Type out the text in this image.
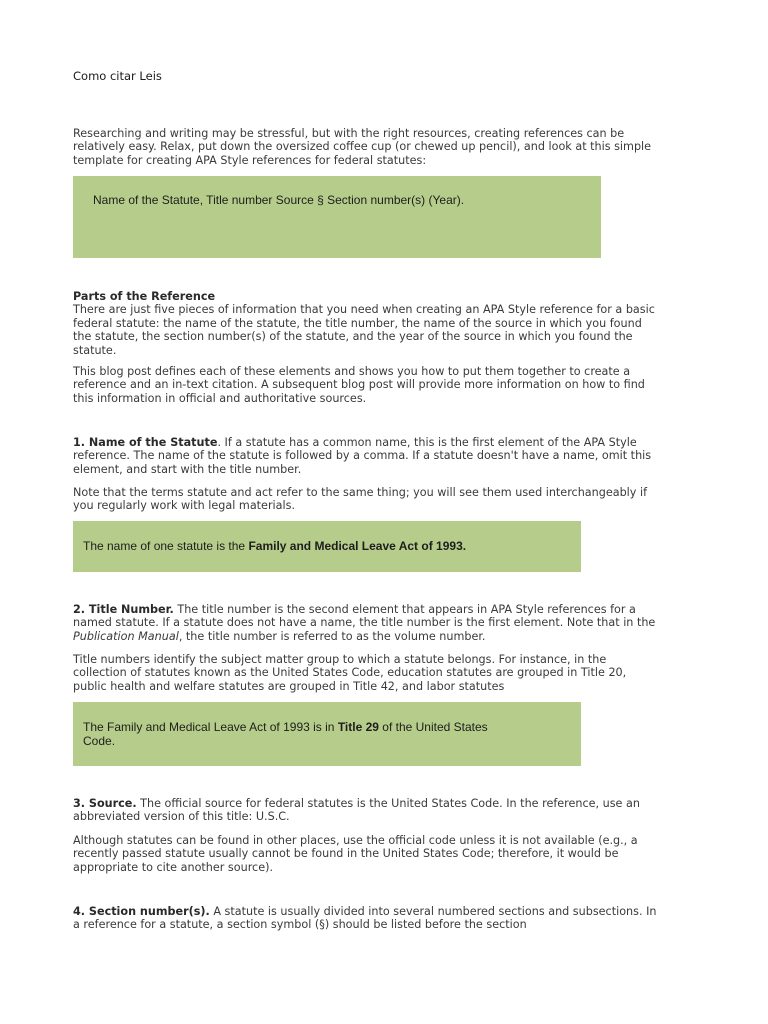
Como citar Leis

Researching and writing may be stressful, but with the right resources, creating references can be relatively easy. Relax, put down the oversized coffee cup (or chewed up pencil), and look at this simple template for creating APA Style references for federal statutes:

Name of the Statute, Title number Source § Section number(s) (Year).

Parts of the Reference
There are just five pieces of information that you need when creating an APA Style reference for a basic federal statute: the name of the statute, the title number, the name of the source in which you found the statute, the section number(s) of the statute, and the year of the source in which you found the statute.

This blog post defines each of these elements and shows you how to put them together to create a reference and an in-text citation. A subsequent blog post will provide more information on how to find this information in official and authoritative sources.

1. Name of the Statute. If a statute has a common name, this is the first element of the APA Style reference. The name of the statute is followed by a comma. If a statute doesn't have a name, omit this element, and start with the title number.

Note that the terms statute and act refer to the same thing; you will see them used interchangeably if you regularly work with legal materials.

The name of one statute is the Family and Medical Leave Act of 1993.

2. Title Number. The title number is the second element that appears in APA Style references for a named statute. If a statute does not have a name, the title number is the first element. Note that in the Publication Manual, the title number is referred to as the volume number.

Title numbers identify the subject matter group to which a statute belongs. For instance, in the collection of statutes known as the United States Code, education statutes are grouped in Title 20, public health and welfare statutes are grouped in Title 42, and labor statutes

The Family and Medical Leave Act of 1993 is in Title 29 of the United States Code.

3. Source. The official source for federal statutes is the United States Code. In the reference, use an abbreviated version of this title: U.S.C.

Although statutes can be found in other places, use the official code unless it is not available (e.g., a recently passed statute usually cannot be found in the United States Code; therefore, it would be appropriate to cite another source).

4. Section number(s). A statute is usually divided into several numbered sections and subsections. In a reference for a statute, a section symbol (§) should be listed before the section
